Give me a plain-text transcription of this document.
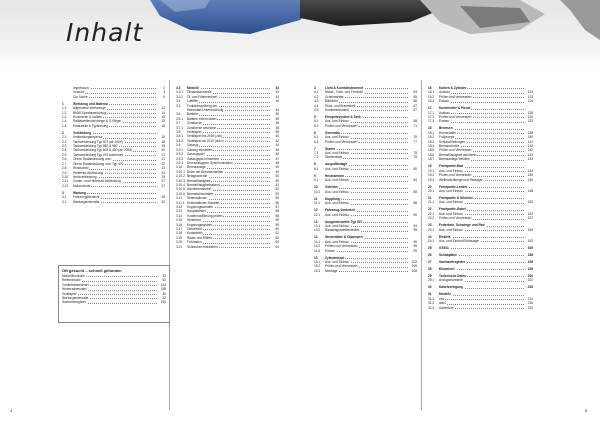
Inhalt
Impressum	2
Vorwort	3
Zur Sache	6
1	Werkzeug und Material
1.1	Allgemeine Werkzeuge	12
1.2	BMW-Spezialwerkzeug	14
1.3	Schmieren & Salben	15
1.4	Radialwellendichtringe & O-Ringe	15
1.5	Ersatzteile & Typisierung	15
2	Verkleidung
2.1	Verkleidungsrepertur	18
2.2	Tankverkleidung Typ 507 (ab 2004)	18
2.3	Tankverkleidung Typ 582 & 980	19
2.4	Tankverkleidung Typ 503 & 450 (ab 2008)	20
2.5	Tankverkleidung Typ 470 Adventure	21
2.6	Obere Radabdeckung vorn	21
2.7	Obere Radabdeckung vorn Typ 470	22
2.8	Windschild	23
2.9	Hinterrad-Abdeckung	24
2.10	Heckverkleidung	25
2.11	Vorder- und Hinterrad-Abdeckung	27
2.12	Motorschutz	27
3	Wartung
3.1	Fahrzeugübersicht	28
3.2	Wartungsintervalle	32
3.3	Motoröl	33
3.3.1	Ölstandskontrolle	33
3.3.2	Öl- und Filterwechsel	34
3.4	Luftfilter	34
3.5	Funktionsprüfung der
Motorstart-Unterdrückung	34
3.6	Batterie	35
3.6.1	Batterie extern laden	35
3.7	Zündkerze	36
3.7.1	Zündkerze wechseln	36
3.8	Ventilspiel	38
3.8.1	Ventilspiel bis 2009 (zkv)	40
3.8.2	Ventilspiel ab 2010 (dohc)	42
3.9	Gaszug	44
3.9.1	Gaszug einstellen	45
3.9.2	Gaszugspiel	46
3.9.3	Gaszugspiel einstellen	47
3.9.4	Drosselklappen-Synchronisation	48
3.10	Bremsanlage	49
3.10.1 Dicke der Bremsscheiben	49
3.10.2 Belagkontrolle	50
3.10.3 Bremsflüssigkeit	50
3.10.4 Bremsflüssigkeitsstand	51
3.10.5 Handbremshebel	52
3.10.6 Bremslichtschalter	53
3.11	Seitenständer	56
3.11.1 Seitenständer-Schalter	56
3.12	Kupplungsschalter	57
3.13	Hauptständer	58
3.14	Vordenradführung prüfen	58
3.15	Hinterbau	59
3.16	Kupplungssystem	59
3.17	Getriebeöl	60
3.18	Endantrieb	61
3.19	Räder und Reifen	62
3.20	Fußrasten	63
3.21	Schrauben festziehen	64
4	Licht & Kombiinstrument
4.1	Stand-, Fahr- und Fernlicht	64
4.2	Scheinwerfer	65
4.3	Blinklicht	66
4.4	Rück- und Bremslicht	67
4.5	Kombiinstrument	67
5	Einspritzsystem & Tank
5.1	Aus- und Einbau	68
5.2	Prüfen und Vermessen	71
6	Generator
6.1	Aus- und Einbau	76
6.2	Prüfen und Vermessen	77
7	Starter
7.1	Aus- und Einbau	78
7.2	Starterrelais	79
8	Auspuffanlage
8.1	Aus- und Einbau	80
9	Heckrahmen
9.1	Aus- und Einbau	84
10	Getriebe
10.1	Aus- und Einbau	86
11	Kupplung
11.1	Aus- und Einbau	88
12	Fahrzeug-Vorderteil
12.1	Aus- und Einbau	90
13	Ausgleichswelle Typ 507
13.1	Aus- und Einbau	94
13.2	Radiallagerwellendeckel	95
14	Steuerräder & Ölpumpen
14.1	Aus- und Einbau	96
14.2	Prüfen und Vermessen	98
14.3	Einbau	99
15	Zylinderkopf
15.1	Aus- und Einbau	102
15.2	Prüfen und Vermessen	106
15.3	Montage	108
16	Kolben & Zylinder
16.1	Ausbau	122
16.2	Prüfen und Vermessen	123
16.3	Einbau	124
17	Kurbelwelle & Pleuel
17.1	Ausbau	128
17.2	Prüfen und Vermessen	130
17.3	Einbau	132
18	Bremsen
18.1	Bremssattel	138
18.2	Fußpumpe	140
18.3	Schlauchleitungen	141
18.4	Bremsscheibe	142
18.5	Prüfen und Vermessen	142
18.6	Bremsflüssigkeit wechseln	143
18.7	Bremsanlage befüllen	143
19	Frontpartie-Rad
19.1	Aus- und Einbau	144
19.2	Prüfen und Vermessen	146
19.3	Wellendichtringe und Radlager	146
20	Frontpartie-Lenker
20.1	Aus- und Einbau	148
21	Frontpartie & Ölkühler
21.1	Aus- und Einbau	150
22	Frontpartie-Gabel
22.1	Aus- und Einbau	152
22.2	Prüfen und Vermessen	157
23	Federbein, Schwinge und Rad
23.1	Aus- und Einbau	160
24	Elektrik
24.1	Aus- und Einbau/Einbauage	162
25	GS911	165
26	Schaltpläne	166
27	Sachwortregister	198
28	Einweisen	199
29	Technische Daten	200
29.1	Anzugsmomente	202
30	Kabelverlegung	208
31	Modelle
31.1	ohv	212
31.2	dohc	216
31.3	Adventure	220
Oft gesucht – schnell gefunden
Motorölkontrolle	33
Reifendrücke	62
Vordertradwechsel	144
Hinterradwechsel	158
Ventilspiel	40
Wartungsintervalle	32
Sachwortregister	190
4	5
